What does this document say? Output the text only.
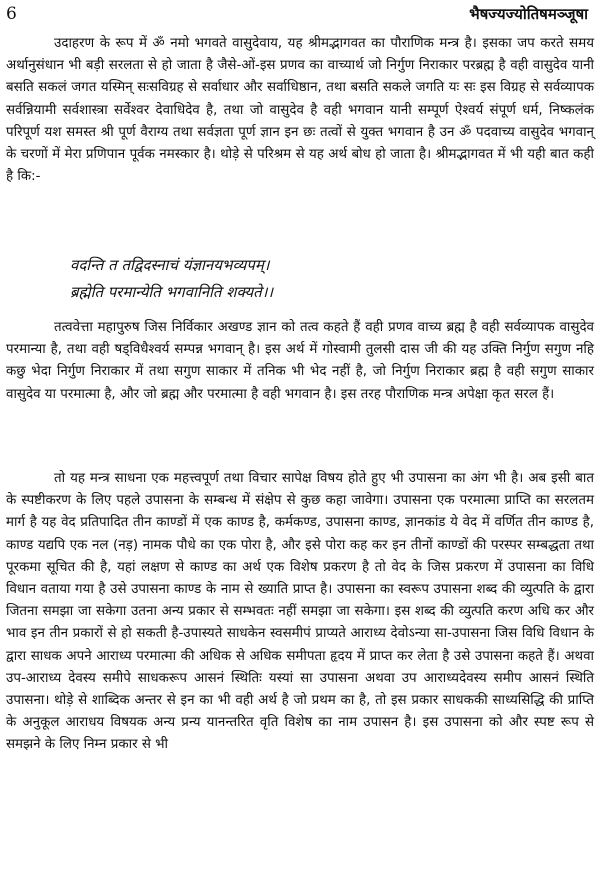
6	भैषज्यज्योतिषमञ्जूषा

उदाहरण के रूप में ॐ नमो भगवते वासुदेवाय, यह श्रीमद्भागवत का पौराणिक मन्त्र है। इसका जप करते समय अर्थानुसंधान भी बड़ी सरलता से हो जाता है जैसे-ओं-इस प्रणव का वाच्यार्थ जो निर्गुण निराकार परब्रह्म है वही वासुदेव यानी बसति सकलं जगत यस्मिन् सःसविग्रह से सर्वाधार और सर्वाधिष्ठान, तथा बसति सकले जगति यः सः इस विग्रह से सर्वव्यापक सर्वन्नियामी सर्वशास्त्रा सर्वेश्वर देवाधिदेव है, तथा जो वासुदेव है वही भगवान यानी सम्पूर्ण ऐश्वर्य संपूर्ण धर्म, निष्कलंक परिपूर्ण यश समस्त श्री पूर्ण वैराग्य तथा सर्वज्ञता पूर्ण ज्ञान इन छः तत्वों से युक्त भगवान है उन ॐ पदवाच्य वासुदेव भगवान् के चरणों में मेरा प्रणिपान पूर्वक नमस्कार है। थोड़े से परिश्रम से यह अर्थ बोध हो जाता है। श्रीमद्भागवत में भी यही बात कही है कि:-

वदन्ति त तद्विदस्नाचं यंज्ञानयभव्यपम्।
ब्रह्मेति परमान्येति भगवानिति शक्यते।।

तत्ववेत्ता महापुरुष जिस निर्विकार अखण्ड ज्ञान को तत्व कहते हैं वही प्रणव वाच्य ब्रह्म है वही सर्वव्यापक वासुदेव परमान्या है, तथा वही षड्विधैश्वर्य सम्पन्न भगवान् है। इस अर्थ में गोस्वामी तुलसी दास जी की यह उक्ति निर्गुण सगुण नहि कछु भेदा निर्गुण निराकार में तथा सगुण साकार में तनिक भी भेद नहीं है, जो निर्गुण निराकार ब्रह्म है वही सगुण साकार वासुदेव या परमात्मा है, और जो ब्रह्म और परमात्मा है वही भगवान है। इस तरह पौराणिक मन्त्र अपेक्षा कृत सरल हैं।

तो यह मन्त्र साधना एक महत्त्वपूर्ण तथा विचार सापेक्ष विषय होते हुए भी उपासना का अंग भी है। अब इसी बात के स्पष्टीकरण के लिए पहले उपासना के सम्बन्ध में संक्षेप से कुछ कहा जावेगा। उपासना एक परमात्मा प्राप्ति का सरलतम मार्ग है यह वेद प्रतिपादित तीन काण्डों में एक काण्ड है, कर्मकण्ड, उपासना काण्ड, ज्ञानकांड ये वेद में वर्णित तीन काण्ड है, काण्ड यद्यपि एक नल (नड़) नामक पौधे का एक पोरा है, और इसे पोरा कह कर इन तीनों काण्डों की परस्पर सम्बद्धता तथा पूरकमा सूचित की है, यहां लक्षण से काण्ड का अर्थ एक विशेष प्रकरण है तो वेद के जिस प्रकरण में उपासना का विधि विधान वताया गया है उसे उपासना काण्ड के नाम से ख्याति प्राप्त है। उपासना का स्वरूप उपासना शब्द की व्युत्पति के द्वारा जितना समझा जा सकेगा उतना अन्य प्रकार से सम्भवतः नहीं समझा जा सकेगा। इस शब्द की व्युत्पति करण अधि कर और भाव इन तीन प्रकारों से हो सकती है-उपास्यते साधकेन स्वसमीपं प्राप्यते आराध्य देवोऽन्या सा-उपासना जिस विधि विधान के द्वारा साधक अपने आराध्य परमात्मा की अधिक से अधिक समीपता हृदय में प्राप्त कर लेता है उसे उपासना कहते हैं। अथवा उप-आराध्य देवस्य समीपे साधकरूप आसनं स्थितिः यस्यां सा उपासना अथवा उप आराध्यदेवस्य समीप आसनं स्थिति उपासना। थोड़े से शाब्दिक अन्तर से इन का भी वही अर्थ है जो प्रथम का है, तो इस प्रकार साधककी साध्यसिद्धि की प्राप्ति के अनुकूल आराधय विषयक अन्य प्रन्य यानन्तरित वृति विशेष का नाम उपासन है। इस उपासना को और स्पष्ट रूप से समझने के लिए निम्न प्रकार से भी
